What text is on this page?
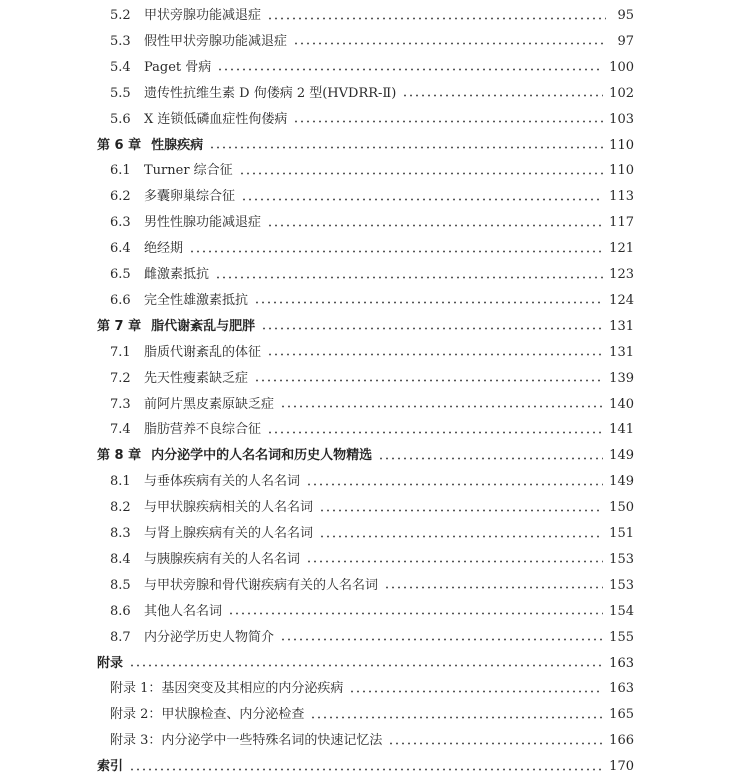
5.2	甲状旁腺功能减退症	95
5.3	假性甲状旁腺功能减退症	97
5.4	Paget 骨病	100
5.5	遗传性抗维生素 D 佝偻病 2 型(HVDRR-Ⅱ)	102
5.6	X 连锁低磷血症性佝偻病	103
第 6 章 性腺疾病	110
6.1	Turner 综合征	110
6.2	多囊卵巢综合征	113
6.3	男性性腺功能减退症	117
6.4	绝经期	121
6.5	雌激素抵抗	123
6.6	完全性雄激素抵抗	124
第 7 章 脂代谢紊乱与肥胖	131
7.1	脂质代谢紊乱的体征	131
7.2	先天性瘦素缺乏症	139
7.3	前阿片黑皮素原缺乏症	140
7.4	脂肪营养不良综合征	141
第 8 章 内分泌学中的人名名词和历史人物精选	149
8.1	与垂体疾病有关的人名名词	149
8.2	与甲状腺疾病相关的人名名词	150
8.3	与肾上腺疾病有关的人名名词	151
8.4	与胰腺疾病有关的人名名词	153
8.5	与甲状旁腺和骨代谢疾病有关的人名名词	153
8.6	其他人名名词	154
8.7	内分泌学历史人物简介	155
附录	163
附录 1：基因突变及其相应的内分泌疾病	163
附录 2：甲状腺检查、内分泌检查	165
附录 3：内分泌学中一些特殊名词的快速记忆法	166
索引	170
